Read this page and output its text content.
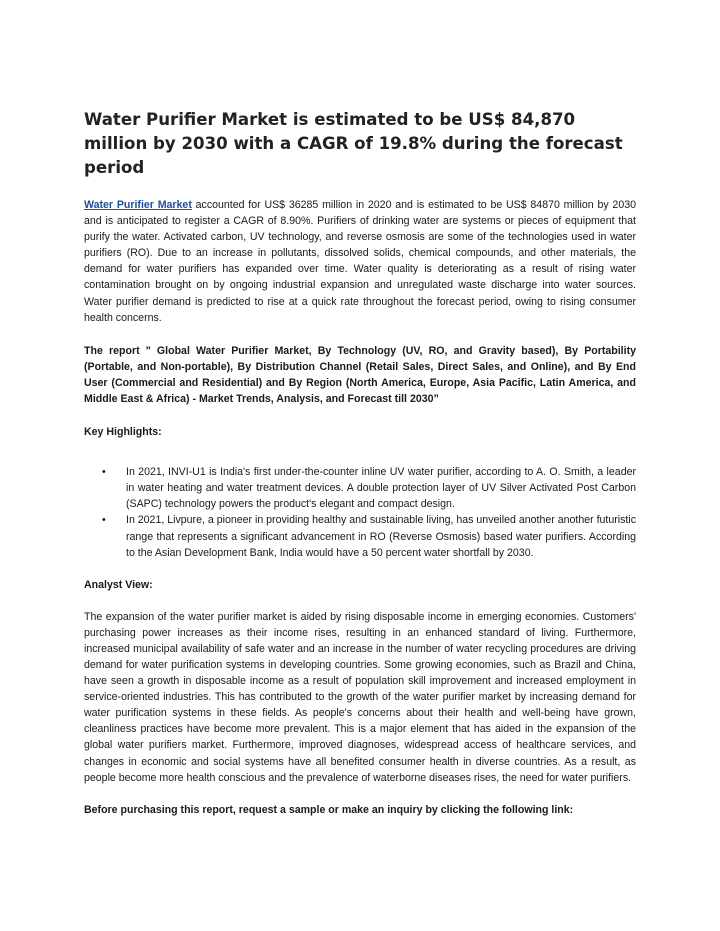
Water Purifier Market is estimated to be US$ 84,870 million by 2030 with a CAGR of 19.8% during the forecast period

Water Purifier Market accounted for US$ 36285 million in 2020 and is estimated to be US$ 84870 million by 2030 and is anticipated to register a CAGR of 8.90%. Purifiers of drinking water are systems or pieces of equipment that purify the water. Activated carbon, UV technology, and reverse osmosis are some of the technologies used in water purifiers (RO). Due to an increase in pollutants, dissolved solids, chemical compounds, and other materials, the demand for water purifiers has expanded over time. Water quality is deteriorating as a result of rising water contamination brought on by ongoing industrial expansion and unregulated waste discharge into water sources. Water purifier demand is predicted to rise at a quick rate throughout the forecast period, owing to rising consumer health concerns.

The report " Global Water Purifier Market, By Technology (UV, RO, and Gravity based), By Portability (Portable, and Non-portable), By Distribution Channel (Retail Sales, Direct Sales, and Online), and By End User (Commercial and Residential) and By Region (North America, Europe, Asia Pacific, Latin America, and Middle East & Africa) - Market Trends, Analysis, and Forecast till 2030”

Key Highlights:

• In 2021, INVI-U1 is India's first under-the-counter inline UV water purifier, according to A. O. Smith, a leader in water heating and water treatment devices. A double protection layer of UV Silver Activated Post Carbon (SAPC) technology powers the product's elegant and compact design.

• In 2021, Livpure, a pioneer in providing healthy and sustainable living, has unveiled another another futuristic range that represents a significant advancement in RO (Reverse Osmosis) based water purifiers. According to the Asian Development Bank, India would have a 50 percent water shortfall by 2030.

Analyst View:

The expansion of the water purifier market is aided by rising disposable income in emerging economies. Customers' purchasing power increases as their income rises, resulting in an enhanced standard of living. Furthermore, increased municipal availability of safe water and an increase in the number of water recycling procedures are driving demand for water purification systems in developing countries. Some growing economies, such as Brazil and China, have seen a growth in disposable income as a result of population skill improvement and increased employment in service-oriented industries. This has contributed to the growth of the water purifier market by increasing demand for water purification systems in these fields. As people's concerns about their health and well-being have grown, cleanliness practices have become more prevalent. This is a major element that has aided in the expansion of the global water purifiers market. Furthermore, improved diagnoses, widespread access of healthcare services, and changes in economic and social systems have all benefited consumer health in diverse countries. As a result, as people become more health conscious and the prevalence of waterborne diseases rises, the need for water purifiers.

Before purchasing this report, request a sample or make an inquiry by clicking the following link:
